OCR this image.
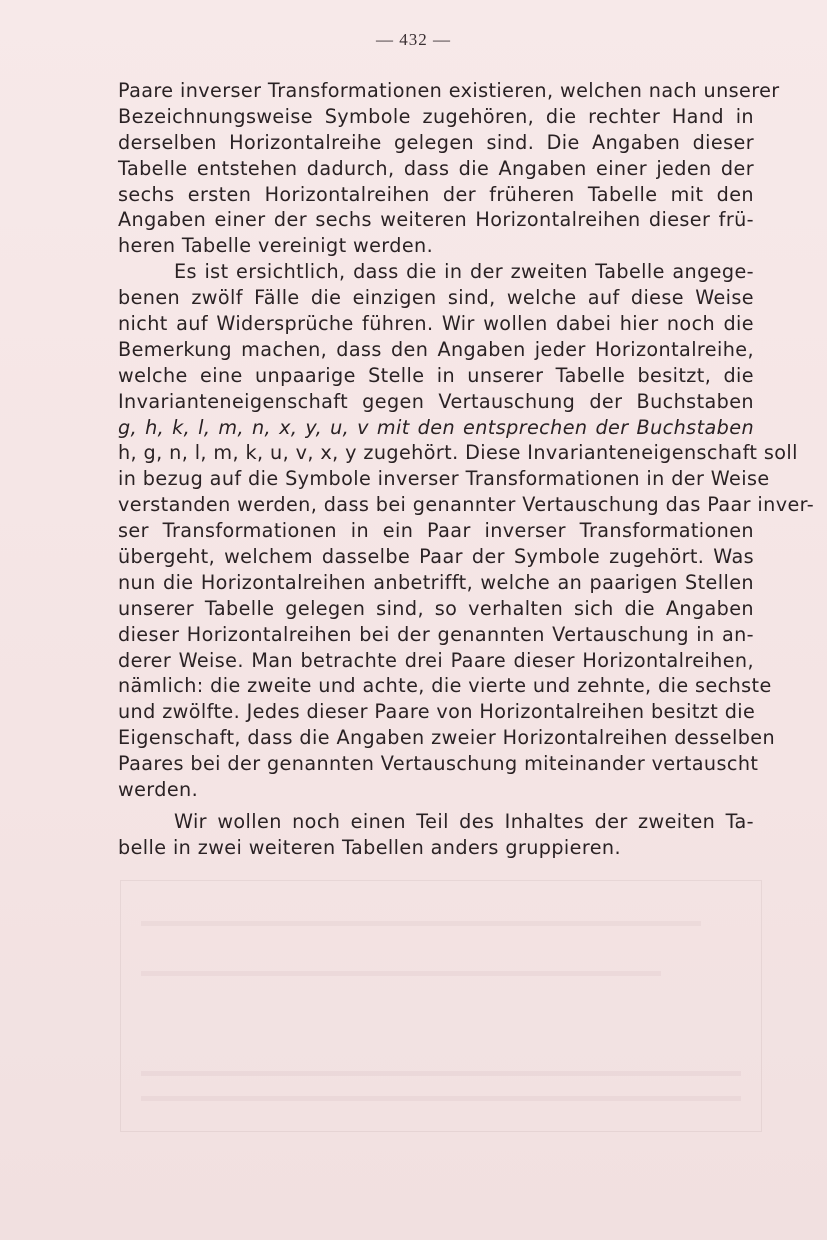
— 432 —
Paare inverser Transformationen existieren, welchen nach unserer
Bezeichnungsweise Symbole zugehören, die rechter Hand in
derselben Horizontalreihe gelegen sind. Die Angaben dieser
Tabelle entstehen dadurch, dass die Angaben einer jeden der
sechs ersten Horizontalreihen der früheren Tabelle mit den
Angaben einer der sechs weiteren Horizontalreihen dieser frü-
heren Tabelle vereinigt werden.
Es ist ersichtlich, dass die in der zweiten Tabelle angege-
benen zwölf Fälle die einzigen sind, welche auf diese Weise
nicht auf Widersprüche führen. Wir wollen dabei hier noch die
Bemerkung machen, dass den Angaben jeder Horizontalreihe,
welche eine unpaarige Stelle in unserer Tabelle besitzt, die
Invarianteneigenschaft gegen Vertauschung der Buchstaben
g, h, k, l, m, n, x, y, u, v mit den entsprechen der Buchstaben
h, g, n, l, m, k, u, v, x, y zugehört. Diese Invarianteneigenschaft soll
in bezug auf die Symbole inverser Transformationen in der Weise
verstanden werden, dass bei genannter Vertauschung das Paar inver-
ser Transformationen in ein Paar inverser Transformationen
übergeht, welchem dasselbe Paar der Symbole zugehört. Was
nun die Horizontalreihen anbetrifft, welche an paarigen Stellen
unserer Tabelle gelegen sind, so verhalten sich die Angaben
dieser Horizontalreihen bei der genannten Vertauschung in an-
derer Weise. Man betrachte drei Paare dieser Horizontalreihen,
nämlich: die zweite und achte, die vierte und zehnte, die sechste
und zwölfte. Jedes dieser Paare von Horizontalreihen besitzt die
Eigenschaft, dass die Angaben zweier Horizontalreihen desselben
Paares bei der genannten Vertauschung miteinander vertauscht
werden.
Wir wollen noch einen Teil des Inhaltes der zweiten Ta-
belle in zwei weiteren Tabellen anders gruppieren.
